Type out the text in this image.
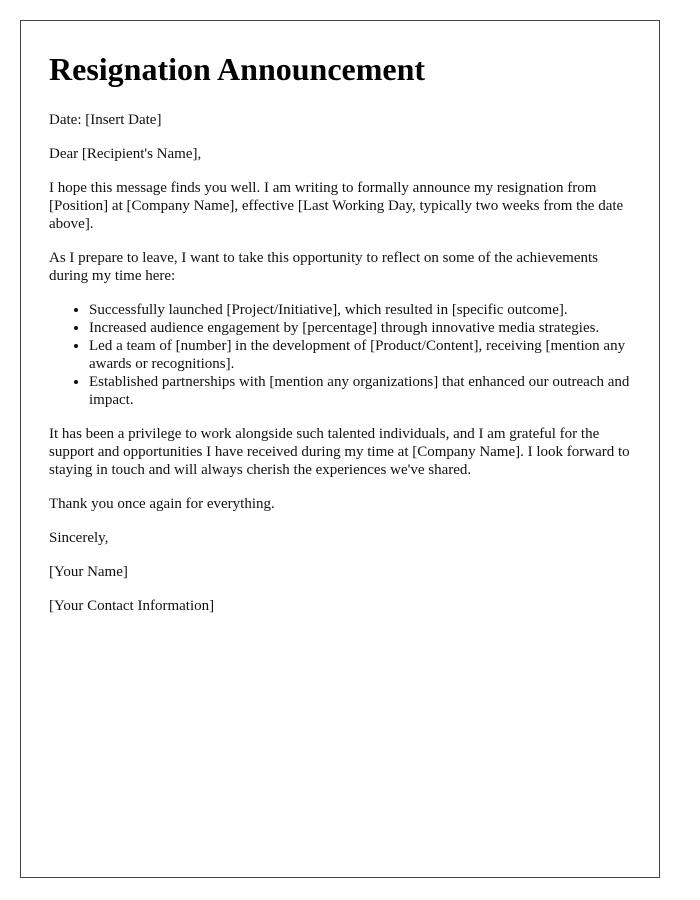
Resignation Announcement

Date: [Insert Date]

Dear [Recipient's Name],

I hope this message finds you well. I am writing to formally announce my resignation from [Position] at [Company Name], effective [Last Working Day, typically two weeks from the date above].

As I prepare to leave, I want to take this opportunity to reflect on some of the achievements during my time here:

• Successfully launched [Project/Initiative], which resulted in [specific outcome].
• Increased audience engagement by [percentage] through innovative media strategies.
• Led a team of [number] in the development of [Product/Content], receiving [mention any awards or recognitions].
• Established partnerships with [mention any organizations] that enhanced our outreach and impact.

It has been a privilege to work alongside such talented individuals, and I am grateful for the support and opportunities I have received during my time at [Company Name]. I look forward to staying in touch and will always cherish the experiences we've shared.

Thank you once again for everything.

Sincerely,

[Your Name]

[Your Contact Information]
